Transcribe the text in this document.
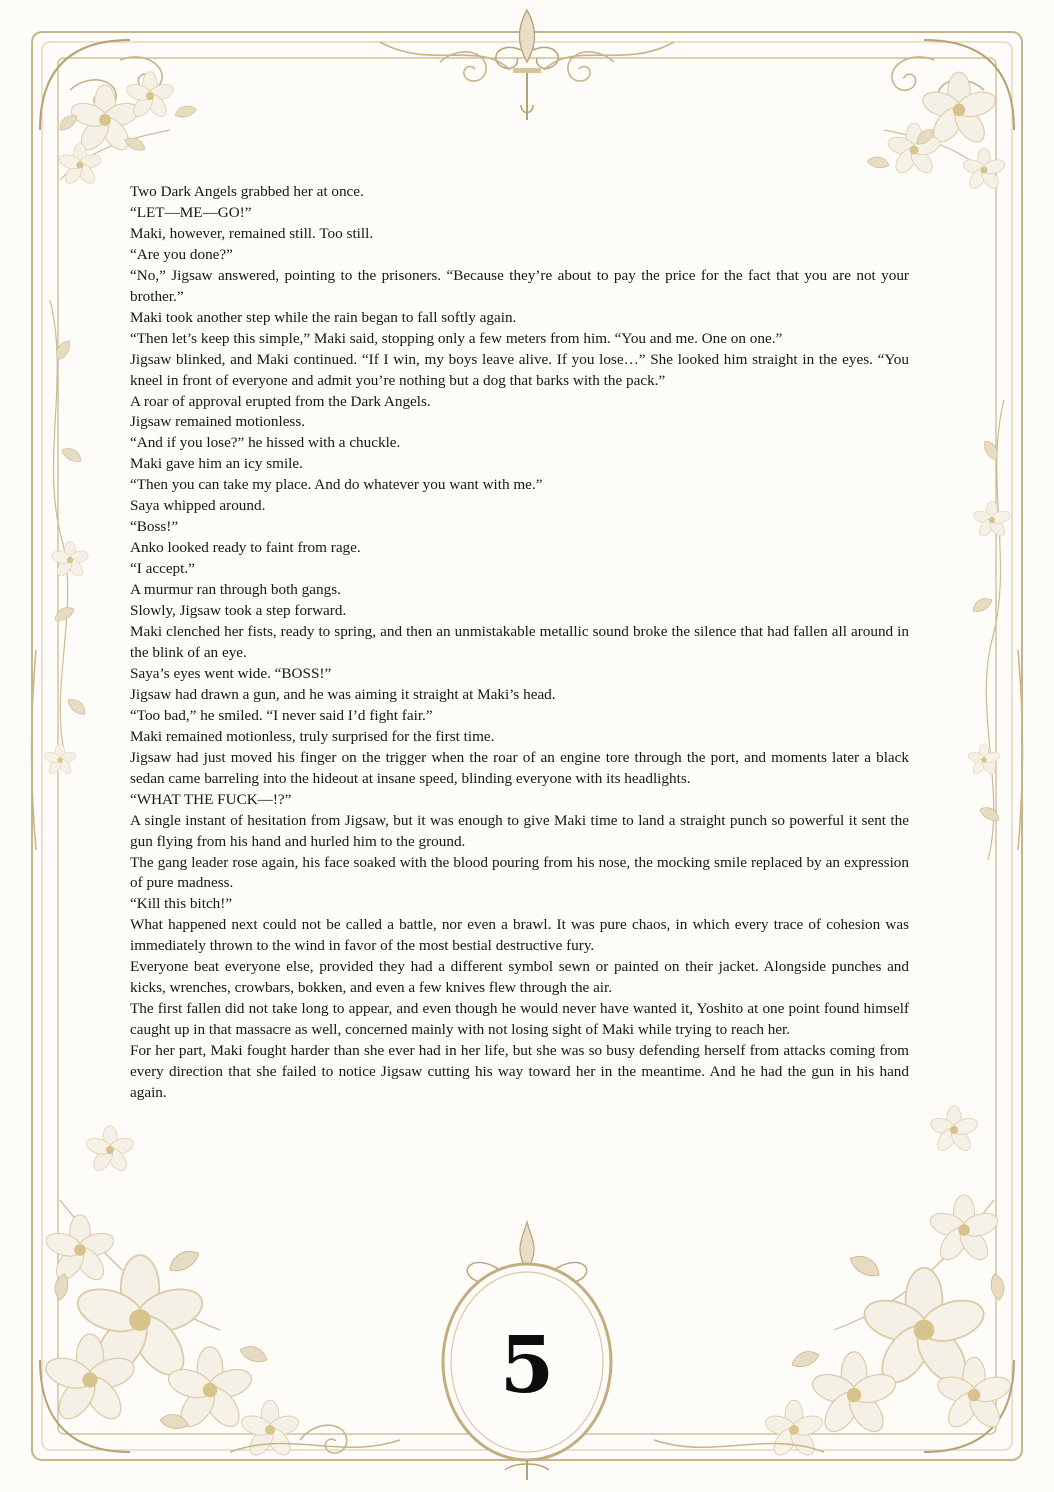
Two Dark Angels grabbed her at once.

“LET—ME—GO!”

Maki, however, remained still. Too still.

“Are you done?”

“No,” Jigsaw answered, pointing to the prisoners. “Because they’re about to pay the price for the fact that you are not your brother.”

Maki took another step while the rain began to fall softly again.

“Then let’s keep this simple,” Maki said, stopping only a few meters from him. “You and me. One on one.”

Jigsaw blinked, and Maki continued. “If I win, my boys leave alive. If you lose…” She looked him straight in the eyes. “You kneel in front of everyone and admit you’re nothing but a dog that barks with the pack.”

A roar of approval erupted from the Dark Angels.

Jigsaw remained motionless.

“And if you lose?” he hissed with a chuckle.

Maki gave him an icy smile.

“Then you can take my place. And do whatever you want with me.”

Saya whipped around.

“Boss!”

Anko looked ready to faint from rage.

“I accept.”

A murmur ran through both gangs.

Slowly, Jigsaw took a step forward.

Maki clenched her fists, ready to spring, and then an unmistakable metallic sound broke the silence that had fallen all around in the blink of an eye.

Saya’s eyes went wide. “BOSS!”

Jigsaw had drawn a gun, and he was aiming it straight at Maki’s head.

“Too bad,” he smiled. “I never said I’d fight fair.”

Maki remained motionless, truly surprised for the first time.

Jigsaw had just moved his finger on the trigger when the roar of an engine tore through the port, and moments later a black sedan came barreling into the hideout at insane speed, blinding everyone with its headlights.

“WHAT THE FUCK—!?”

A single instant of hesitation from Jigsaw, but it was enough to give Maki time to land a straight punch so powerful it sent the gun flying from his hand and hurled him to the ground.

The gang leader rose again, his face soaked with the blood pouring from his nose, the mocking smile replaced by an expression of pure madness.

“Kill this bitch!”

What happened next could not be called a battle, nor even a brawl. It was pure chaos, in which every trace of cohesion was immediately thrown to the wind in favor of the most bestial destructive fury.

Everyone beat everyone else, provided they had a different symbol sewn or painted on their jacket. Alongside punches and kicks, wrenches, crowbars, bokken, and even a few knives flew through the air.

The first fallen did not take long to appear, and even though he would never have wanted it, Yoshito at one point found himself caught up in that massacre as well, concerned mainly with not losing sight of Maki while trying to reach her.

For her part, Maki fought harder than she ever had in her life, but she was so busy defending herself from attacks coming from every direction that she failed to notice Jigsaw cutting his way toward her in the meantime. And he had the gun in his hand again.

5
